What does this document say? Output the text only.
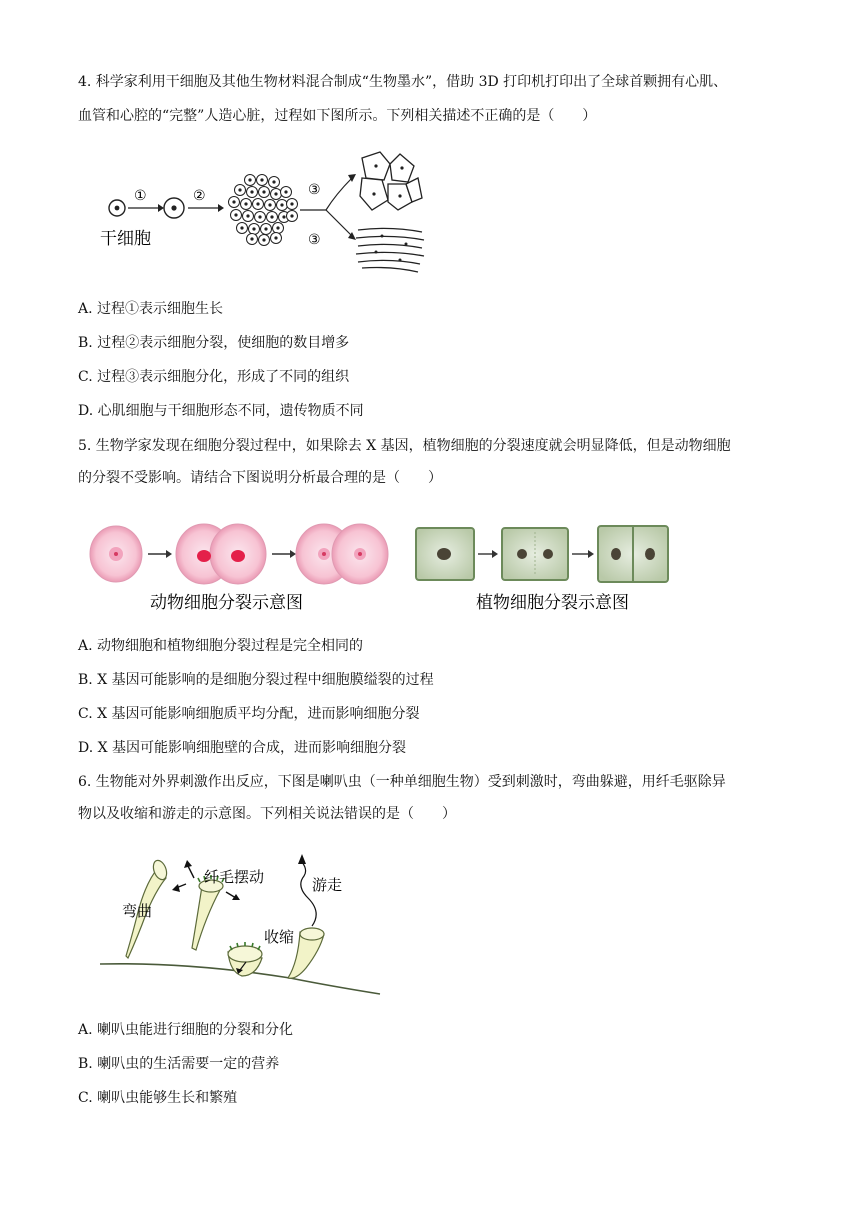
4. 科学家利用干细胞及其他生物材料混合制成“生物墨水”，借助 3D 打印机打印出了全球首颗拥有心肌、

血管和心腔的“完整”人造心脏，过程如下图所示。下列相关描述不正确的是（　　）

①	②	③
③
干细胞

A. 过程①表示细胞生长

B. 过程②表示细胞分裂，使细胞的数目增多

C. 过程③表示细胞分化，形成了不同的组织

D. 心肌细胞与干细胞形态不同，遗传物质不同

5. 生物学家发现在细胞分裂过程中，如果除去 X 基因，植物细胞的分裂速度就会明显降低，但是动物细胞

的分裂不受影响。请结合下图说明分析最合理的是（　　）

动物细胞分裂示意图	植物细胞分裂示意图

A. 动物细胞和植物细胞分裂过程是完全相同的

B. X 基因可能影响的是细胞分裂过程中细胞膜缢裂的过程

C. X 基因可能影响细胞质平均分配，进而影响细胞分裂

D. X 基因可能影响细胞壁的合成，进而影响细胞分裂

6. 生物能对外界刺激作出反应，下图是喇叭虫（一种单细胞生物）受到刺激时，弯曲躲避，用纤毛驱除异

物以及收缩和游走的示意图。下列相关说法错误的是（　　）

弯曲
纤毛摆动
收缩
游走

A. 喇叭虫能进行细胞的分裂和分化

B. 喇叭虫的生活需要一定的营养

C. 喇叭虫能够生长和繁殖
